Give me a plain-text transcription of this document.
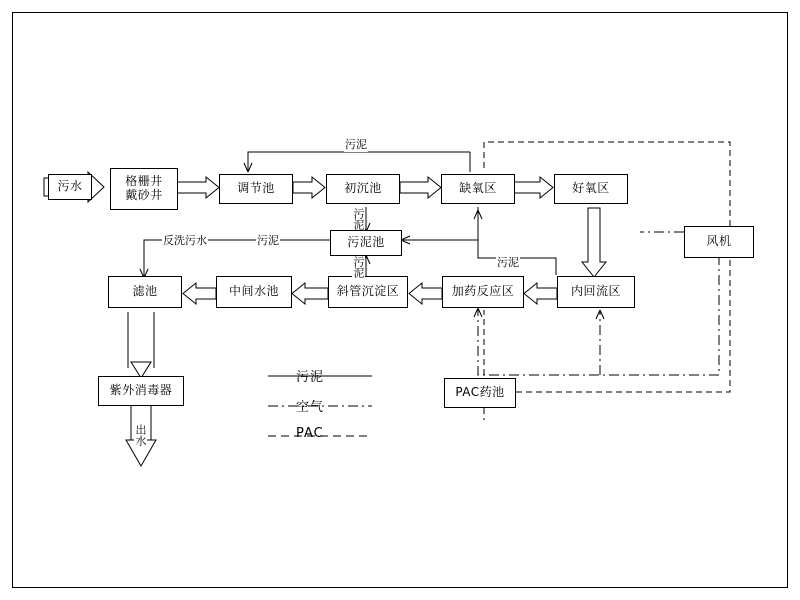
污水	格栅井
戴砂井	调节池	初沉池	缺氧区	好氧区
风机
污泥池
滤池	中间水池	斜管沉淀区	加药反应区	内回流区
紫外消毒器	PAC药池
污泥
反洗污水	污泥
污泥
污泥
污泥
出水
污泥
空气
PAC
